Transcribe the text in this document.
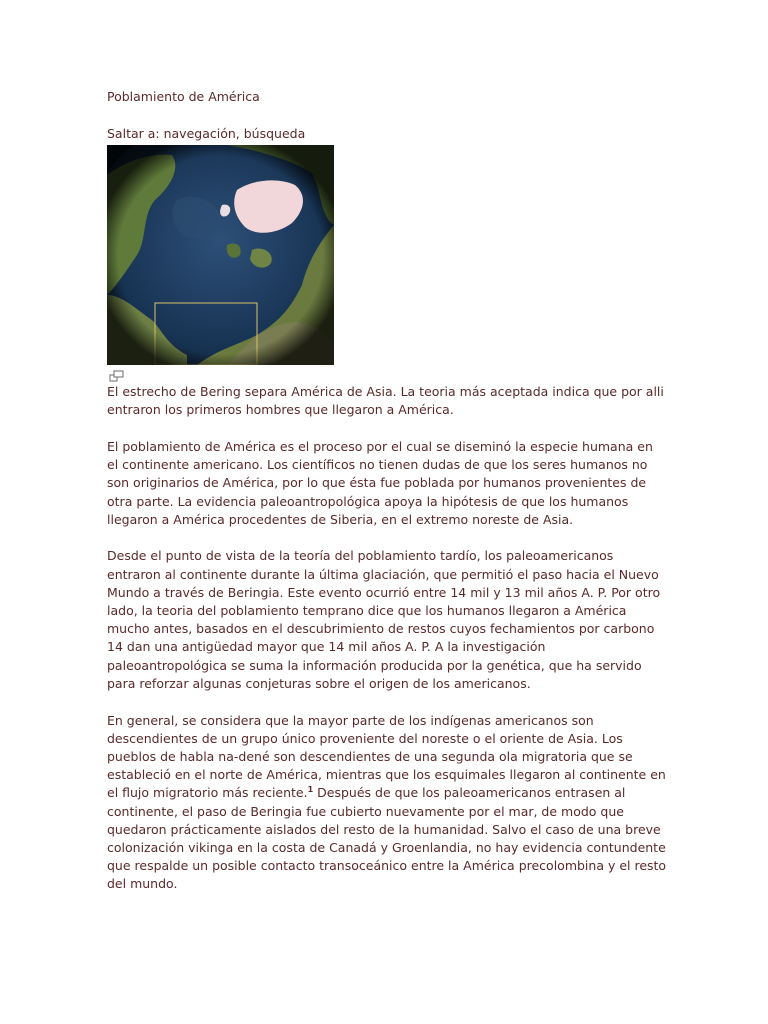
Poblamiento de América

Saltar a: navegación, búsqueda

El estrecho de Bering separa América de Asia. La teoria más aceptada indica que por alli entraron los primeros hombres que llegaron a América.

El poblamiento de América es el proceso por el cual se diseminó la especie humana en el continente americano. Los científicos no tienen dudas de que los seres humanos no son originarios de América, por lo que ésta fue poblada por humanos provenientes de otra parte. La evidencia paleoantropológica apoya la hipótesis de que los humanos llegaron a América procedentes de Siberia, en el extremo noreste de Asia.

Desde el punto de vista de la teoría del poblamiento tardío, los paleoamericanos entraron al continente durante la última glaciación, que permitió el paso hacia el Nuevo Mundo a través de Beringia. Este evento ocurrió entre 14 mil y 13 mil años A. P. Por otro lado, la teoria del poblamiento temprano dice que los humanos llegaron a América mucho antes, basados en el descubrimiento de restos cuyos fechamientos por carbono 14 dan una antigüedad mayor que 14 mil años A. P. A la investigación paleoantropológica se suma la información producida por la genética, que ha servido para reforzar algunas conjeturas sobre el origen de los americanos.

En general, se considera que la mayor parte de los indígenas americanos son descendientes de un grupo único proveniente del noreste o el oriente de Asia. Los pueblos de habla na-dené son descendientes de una segunda ola migratoria que se estableció en el norte de América, mientras que los esquimales llegaron al continente en el flujo migratorio más reciente.$^1$ Después de que los paleoamericanos entrasen al continente, el paso de Beringia fue cubierto nuevamente por el mar, de modo que quedaron prácticamente aislados del resto de la humanidad. Salvo el caso de una breve colonización vikinga en la costa de Canadá y Groenlandia, no hay evidencia contundente que respalde un posible contacto transoceánico entre la América precolombina y el resto del mundo.
